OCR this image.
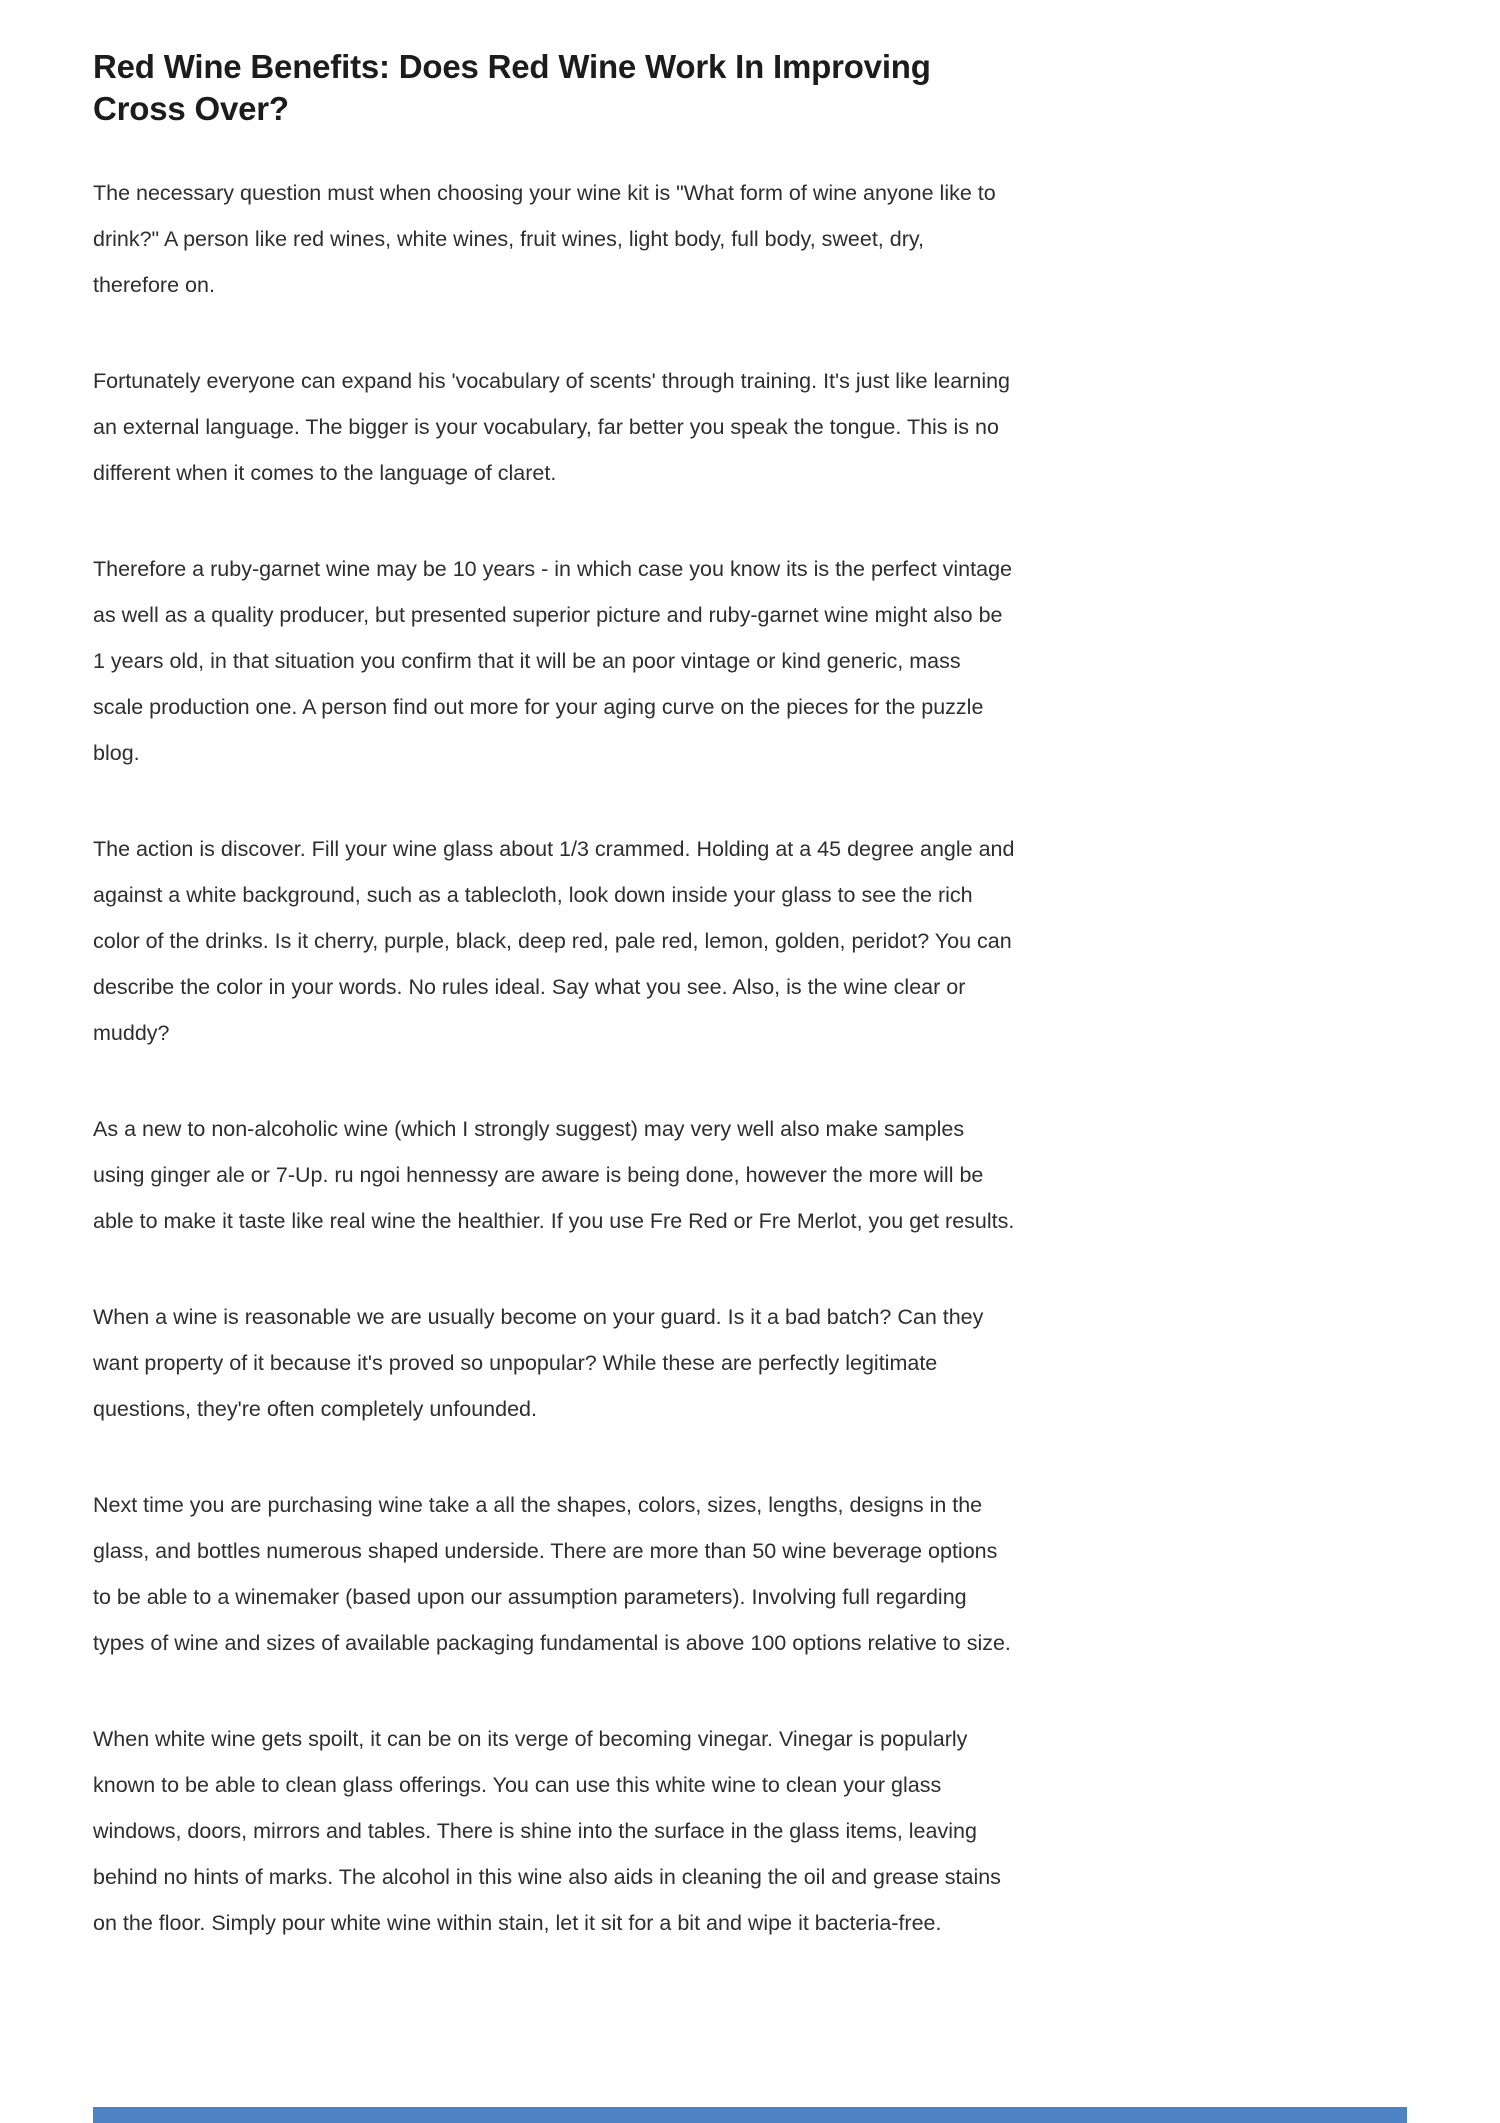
Red Wine Benefits: Does Red Wine Work In Improving Cross Over?

The necessary question must when choosing your wine kit is "What form of wine anyone like to drink?" A person like red wines, white wines, fruit wines, light body, full body, sweet, dry, therefore on.

Fortunately everyone can expand his 'vocabulary of scents' through training. It's just like learning an external language. The bigger is your vocabulary, far better you speak the tongue. This is no different when it comes to the language of claret.

Therefore a ruby-garnet wine may be 10 years - in which case you know its is the perfect vintage as well as a quality producer, but presented superior picture and ruby-garnet wine might also be 1 years old, in that situation you confirm that it will be an poor vintage or kind generic, mass scale production one. A person find out more for your aging curve on the pieces for the puzzle blog.

The action is discover. Fill your wine glass about 1/3 crammed. Holding at a 45 degree angle and against a white background, such as a tablecloth, look down inside your glass to see the rich color of the drinks. Is it cherry, purple, black, deep red, pale red, lemon, golden, peridot? You can describe the color in your words. No rules ideal. Say what you see. Also, is the wine clear or muddy?

As a new to non-alcoholic wine (which I strongly suggest) may very well also make samples using ginger ale or 7-Up. ru ngoi hennessy are aware is being done, however the more will be able to make it taste like real wine the healthier. If you use Fre Red or Fre Merlot, you get results.

When a wine is reasonable we are usually become on your guard. Is it a bad batch? Can they want property of it because it's proved so unpopular? While these are perfectly legitimate questions, they're often completely unfounded.

Next time you are purchasing wine take a all the shapes, colors, sizes, lengths, designs in the glass, and bottles numerous shaped underside. There are more than 50 wine beverage options to be able to a winemaker (based upon our assumption parameters). Involving full regarding types of wine and sizes of available packaging fundamental is above 100 options relative to size.

When white wine gets spoilt, it can be on its verge of becoming vinegar. Vinegar is popularly known to be able to clean glass offerings. You can use this white wine to clean your glass windows, doors, mirrors and tables. There is shine into the surface in the glass items, leaving behind no hints of marks. The alcohol in this wine also aids in cleaning the oil and grease stains on the floor. Simply pour white wine within stain, let it sit for a bit and wipe it bacteria-free.
